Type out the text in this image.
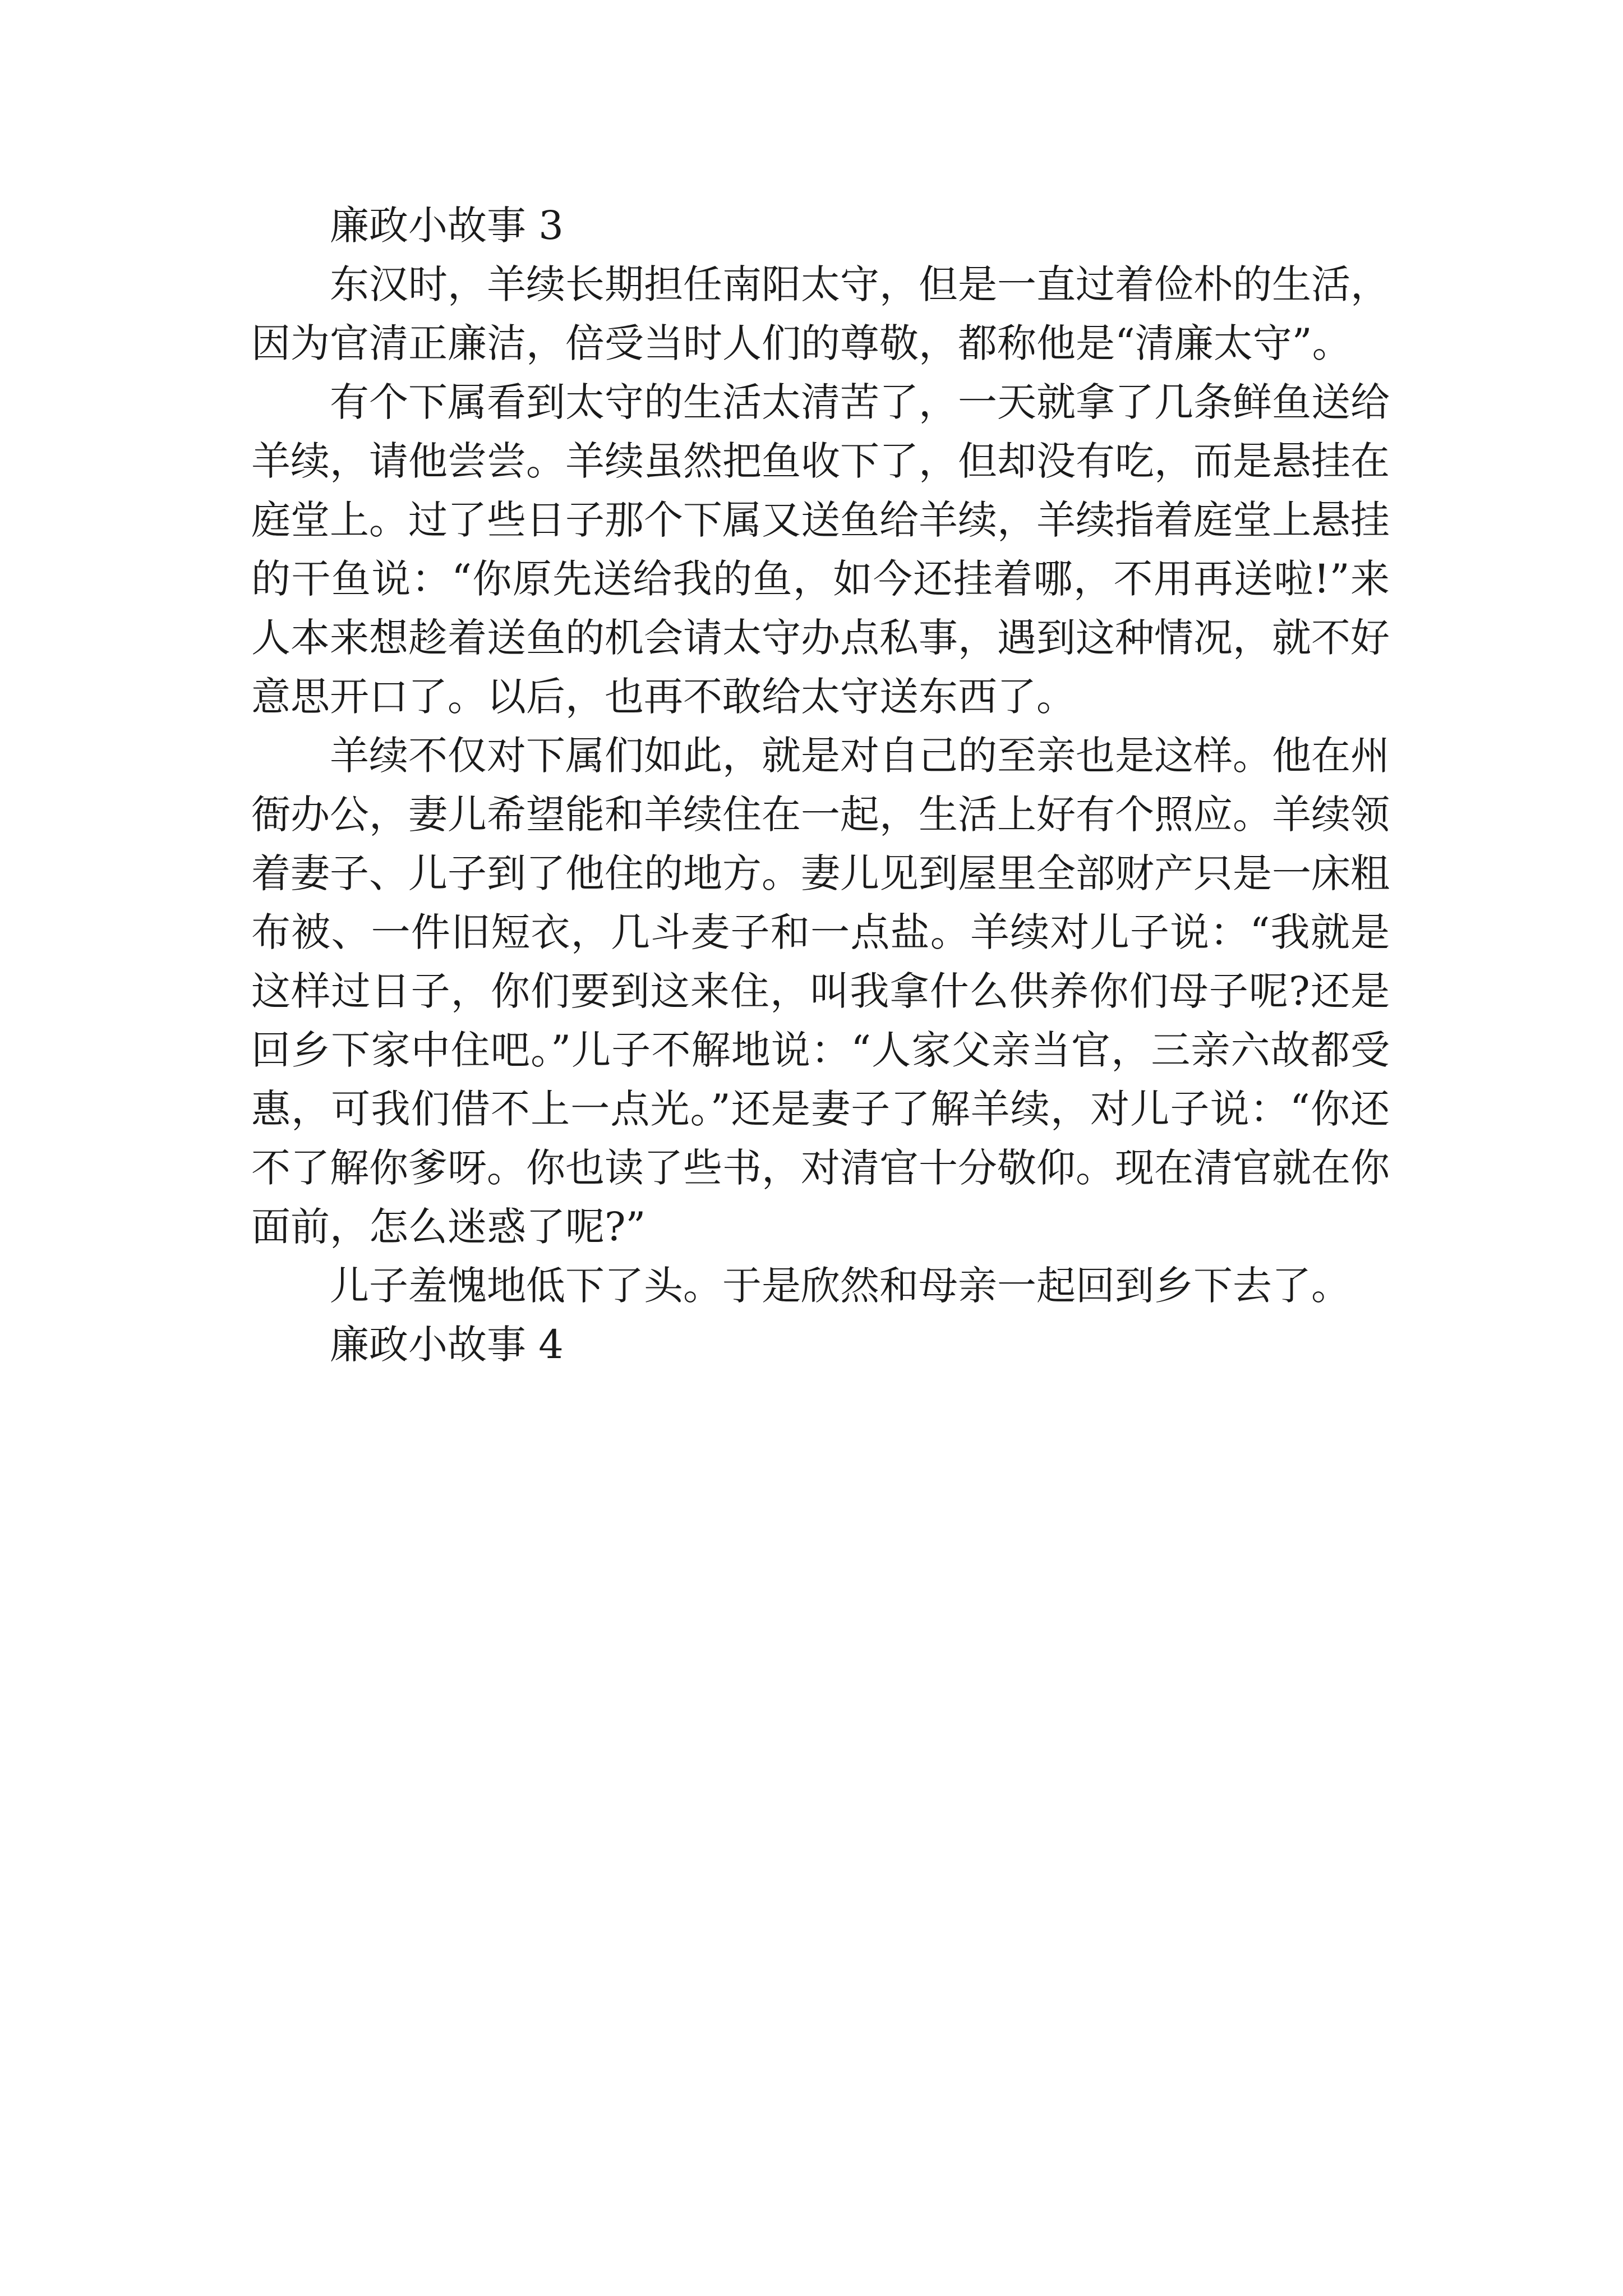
廉政小故事 3

东汉时，羊续长期担任南阳太守，但是一直过着俭朴的生活，因为官清正廉洁，倍受当时人们的尊敬，都称他是“清廉太守”。

有个下属看到太守的生活太清苦了，一天就拿了几条鲜鱼送给羊续，请他尝尝。羊续虽然把鱼收下了，但却没有吃，而是悬挂在庭堂上。过了些日子那个下属又送鱼给羊续，羊续指着庭堂上悬挂的干鱼说：“你原先送给我的鱼，如今还挂着哪，不用再送啦!”来人本来想趁着送鱼的机会请太守办点私事，遇到这种情况，就不好意思开口了。以后，也再不敢给太守送东西了。

羊续不仅对下属们如此，就是对自己的至亲也是这样。他在州衙办公，妻儿希望能和羊续住在一起，生活上好有个照应。羊续领着妻子、儿子到了他住的地方。妻儿见到屋里全部财产只是一床粗布被、一件旧短衣，几斗麦子和一点盐。羊续对儿子说：“我就是这样过日子，你们要到这来住，叫我拿什么供养你们母子呢?还是回乡下家中住吧。”儿子不解地说：“人家父亲当官，三亲六故都受惠，可我们借不上一点光。”还是妻子了解羊续，对儿子说：“你还不了解你爹呀。你也读了些书，对清官十分敬仰。现在清官就在你面前，怎么迷惑了呢?”

儿子羞愧地低下了头。于是欣然和母亲一起回到乡下去了。

廉政小故事 4
